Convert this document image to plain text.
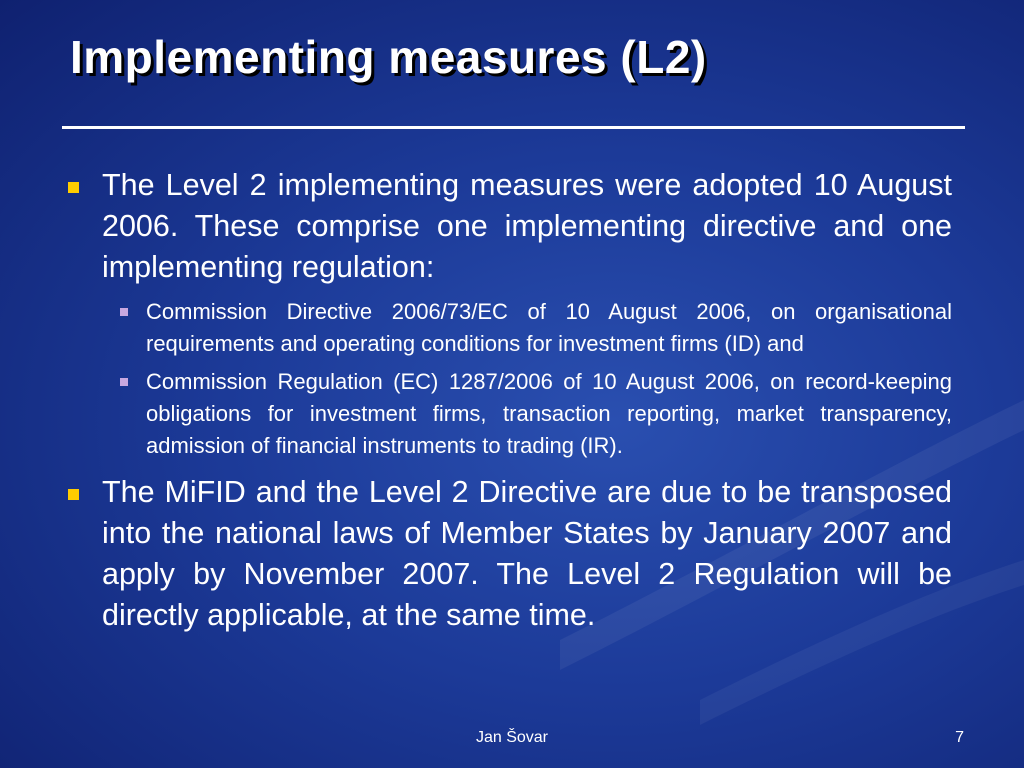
Implementing measures (L2)
The Level 2 implementing measures were adopted 10 August 2006. These comprise one implementing directive and one implementing regulation:
Commission Directive 2006/73/EC of 10 August 2006, on organisational requirements and operating conditions for investment firms (ID) and
Commission Regulation (EC) 1287/2006 of 10 August 2006, on record-keeping obligations for investment firms, transaction reporting, market transparency, admission of financial instruments to trading (IR).
The MiFID and the Level 2 Directive are due to be transposed into the national laws of Member States by January 2007 and apply by November 2007. The Level 2 Regulation will be directly applicable, at the same time.
Jan Šovar	7
